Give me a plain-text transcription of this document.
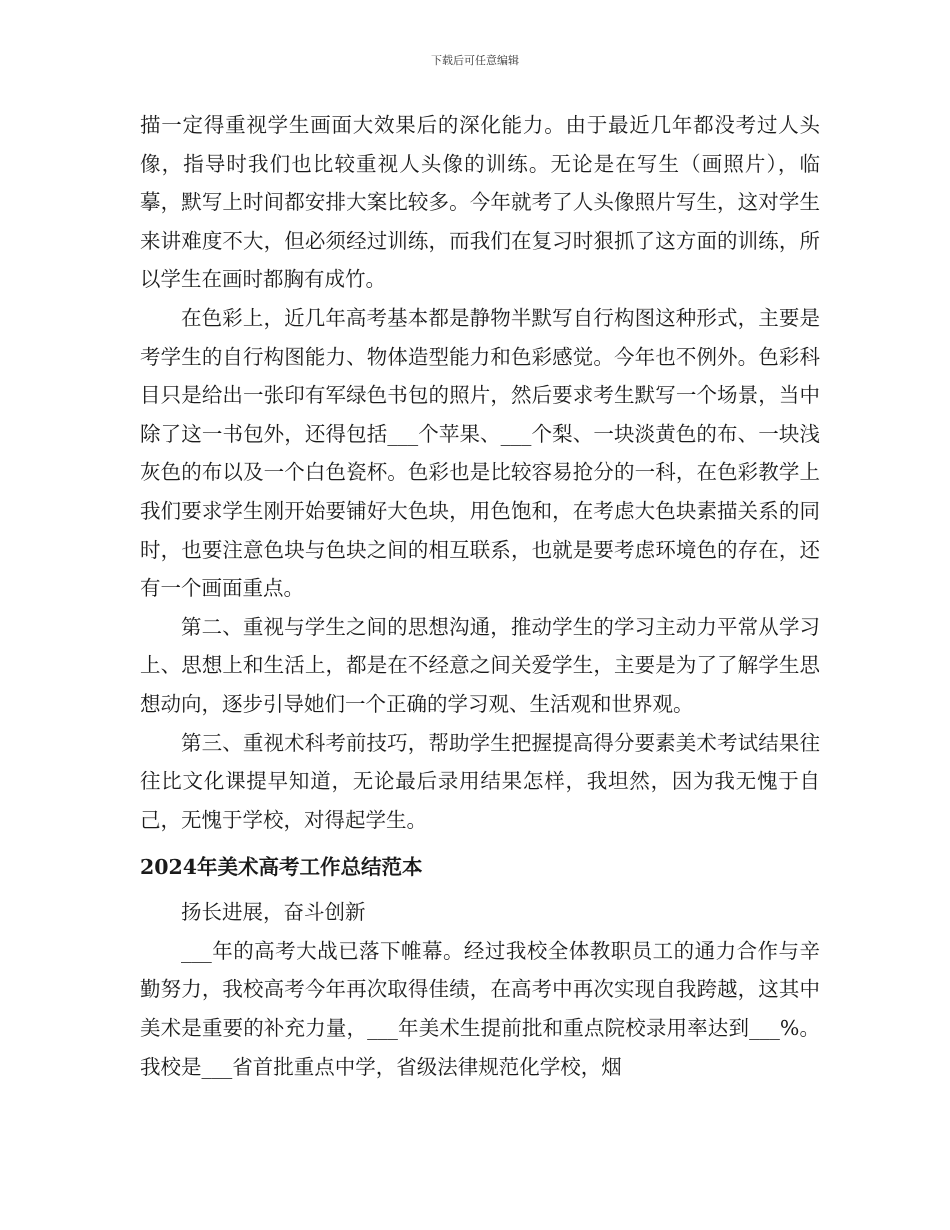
下载后可任意编辑

描一定得重视学生画面大效果后的深化能力。由于最近几年都没考过人头像，指导时我们也比较重视人头像的训练。无论是在写生（画照片），临摹，默写上时间都安排大案比较多。今年就考了人头像照片写生，这对学生来讲难度不大，但必须经过训练，而我们在复习时狠抓了这方面的训练，所以学生在画时都胸有成竹。

在色彩上，近几年高考基本都是静物半默写自行构图这种形式，主要是考学生的自行构图能力、物体造型能力和色彩感觉。今年也不例外。色彩科目只是给出一张印有军绿色书包的照片，然后要求考生默写一个场景，当中除了这一书包外，还得包括___个苹果、___个梨、一块淡黄色的布、一块浅灰色的布以及一个白色瓷杯。色彩也是比较容易抢分的一科，在色彩教学上我们要求学生刚开始要铺好大色块，用色饱和，在考虑大色块素描关系的同时，也要注意色块与色块之间的相互联系，也就是要考虑环境色的存在，还有一个画面重点。

第二、重视与学生之间的思想沟通，推动学生的学习主动力平常从学习上、思想上和生活上，都是在不经意之间关爱学生，主要是为了了解学生思想动向，逐步引导她们一个正确的学习观、生活观和世界观。

第三、重视术科考前技巧，帮助学生把握提高得分要素美术考试结果往往比文化课提早知道，无论最后录用结果怎样，我坦然，因为我无愧于自己，无愧于学校，对得起学生。

2024年美术高考工作总结范本

扬长进展，奋斗创新

___年的高考大战已落下帷幕。经过我校全体教职员工的通力合作与辛勤努力，我校高考今年再次取得佳绩，在高考中再次实现自我跨越，这其中美术是重要的补充力量，___年美术生提前批和重点院校录用率达到___%。我校是___省首批重点中学，省级法律规范化学校，烟
